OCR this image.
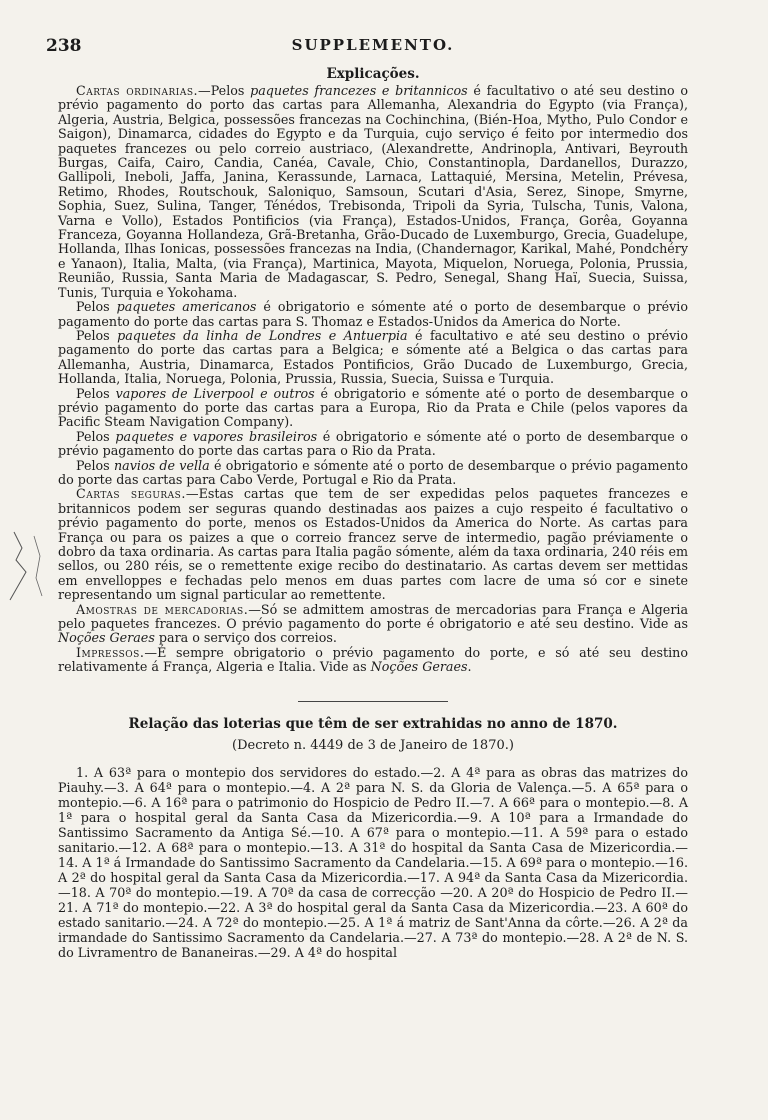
238	SUPPLEMENTO.
Explicações.

Cartas ordinarias.—Pelos paquetes francezes e britannicos é facultativo o até seu destino o prévio pagamento do porto das cartas para Allemanha, Alexandria do Egypto (via França), Algeria, Austria, Belgica, possessões francezas na Cochinchina, (Bién-Hoa, Mytho, Pulo Condor e Saigon), Dinamarca, cidades do Egypto e da Turquia, cujo serviço é feito por intermedio dos paquetes francezes ou pelo correio austriaco, (Alexandrette, Andrinopla, Antivari, Beyrouth Burgas, Caifa, Cairo, Candia, Canéa, Cavale, Chio, Constantinopla, Dardanellos, Durazzo, Gallipoli, Ineboli, Jaffa, Janina, Kerassunde, Larnaca, Lattaquié, Mersina, Metelin, Prévesa, Retimo, Rhodes, Routschouk, Saloniquo, Samsoun, Scutari d'Asia, Serez, Sinope, Smyrne, Sophia, Suez, Sulina, Tanger, Ténédos, Trebisonda, Tripoli da Syria, Tulscha, Tunis, Valona, Varna e Vollo), Estados Pontificios (via França), Estados-Unidos, França, Gorêa, Goyanna Franceza, Goyanna Hollandeza, Grã-Bretanha, Grão-Ducado de Luxemburgo, Grecia, Guadelupe, Hollanda, Ilhas Ionicas, possessões francezas na India, (Chandernagor, Karikal, Mahé, Pondchéry e Yanaon), Italia, Malta, (via França), Martinica, Mayota, Miquelon, Noruega, Polonia, Prussia, Reunião, Russia, Santa Maria de Madagascar, S. Pedro, Senegal, Shang Haï, Suecia, Suissa, Tunis, Turquia e Yokohama.

Pelos paquetes americanos é obrigatorio e sómente até o porto de desembarque o prévio pagamento do porte das cartas para S. Thomaz e Estados-Unidos da America do Norte.

Pelos paquetes da linha de Londres e Antuerpia é facultativo e até seu destino o prévio pagamento do porte das cartas para a Belgica; e sómente até a Belgica o das cartas para Allemanha, Austria, Dinamarca, Estados Pontificios, Grão Ducado de Luxemburgo, Grecia, Hollanda, Italia, Noruega, Polonia, Prussia, Russia, Suecia, Suissa e Turquia.

Pelos vapores de Liverpool e outros é obrigatorio e sómente até o porto de desembarque o prévio pagamento do porte das cartas para a Europa, Rio da Prata e Chile (pelos vapores da Pacific Steam Navigation Company).

Pelos paquetes e vapores brasileiros é obrigatorio e sómente até o porto de desembarque o prévio pagamento do porte das cartas para o Rio da Prata.

Pelos navios de vella é obrigatorio e sómente até o porto de desembarque o prévio pagamento do porte das cartas para Cabo Verde, Portugal e Rio da Prata.

Cartas seguras.—Estas cartas que tem de ser expedidas pelos paquetes francezes e britannicos podem ser seguras quando destinadas aos paizes a cujo respeito é facultativo o prévio pagamento do porte, menos os Estados-Unidos da America do Norte. As cartas para França ou para os paizes a que o correio francez serve de intermedio, pagão préviamente o dobro da taxa ordinaria. As cartas para Italia pagão sómente, além da taxa ordinaria, 240 réis em sellos, ou 280 réis, se o remettente exige recibo do destinatario. As cartas devem ser mettidas em envelloppes e fechadas pelo menos em duas partes com lacre de uma só cor e sinete representando um signal particular ao remettente.

Amostras de mercadorias.—Só se admittem amostras de mercadorias para França e Algeria pelo paquetes francezes. O prévio pagamento do porte é obrigatorio e até seu destino. Vide as Noções Geraes para o serviço dos correios.

Impressos.—É sempre obrigatorio o prévio pagamento do porte, e só até seu destino relativamente á França, Algeria e Italia. Vide as Noções Geraes.

Relação das loterias que têm de ser extrahidas no anno de 1870.
(Decreto n. 4449 de 3 de Janeiro de 1870.)

1. A 63ª para o montepio dos servidores do estado.—2. A 4ª para as obras das matrizes do Piauhy.—3. A 64ª para o montepio.—4. A 2ª para N. S. da Gloria de Valença.—5. A 65ª para o montepio.—6. A 16ª para o patrimonio do Hospicio de Pedro II.—7. A 66ª para o montepio.—8. A 1ª para o hospital geral da Santa Casa da Mizericordia.—9. A 10ª para a Irmandade do Santissimo Sacramento da Antiga Sé.—10. A 67ª para o montepio.—11. A 59ª para o estado sanitario.—12. A 68ª para o montepio.—13. A 31ª do hospital da Santa Casa de Mizericordia.—14. A 1ª á Irmandade do Santissimo Sacramento da Candelaria.—15. A 69ª para o montepio.—16. A 2ª do hospital geral da Santa Casa da Mizericordia.—17. A 94ª da Santa Casa da Mizericordia.—18. A 70ª do montepio.—19. A 70ª da casa de correcção —20. A 20ª do Hospicio de Pedro II.—21. A 71ª do montepio.—22. A 3ª do hospital geral da Santa Casa da Mizericordia.—23. A 60ª do estado sanitario.—24. A 72ª do montepio.—25. A 1ª á matriz de Sant'Anna da côrte.—26. A 2ª da irmandade do Santissimo Sacramento da Candelaria.—27. A 73ª do montepio.—28. A 2ª de N. S. do Livramentro de Bananeiras.—29. A 4ª do hospital
